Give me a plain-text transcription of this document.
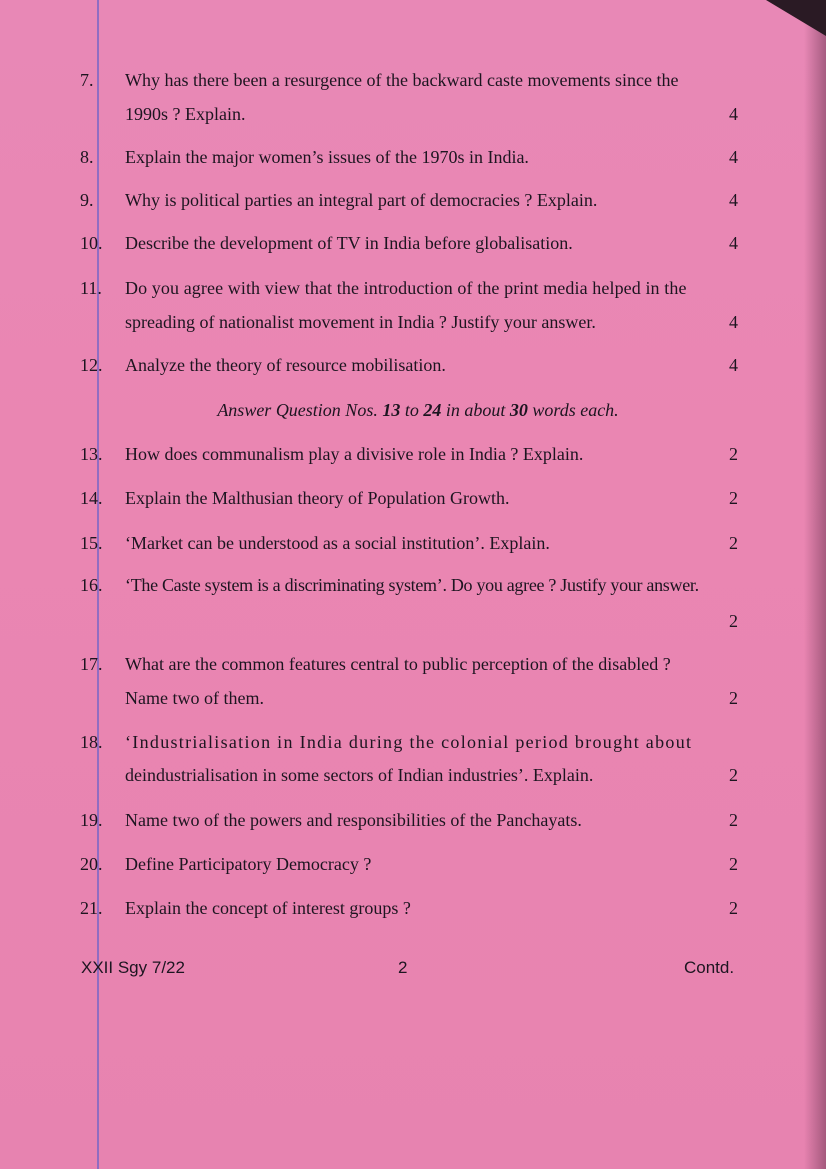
7.	Why has there been a resurgence of the backward caste movements since the
1990s ? Explain.	4
8.	Explain the major women’s issues of the 1970s in India.	4
9.	Why is political parties an integral part of democracies ? Explain.	4
10.	Describe the development of TV in India before globalisation.	4
11.	Do you agree with view that the introduction of the print media helped in the
spreading of nationalist movement in India ? Justify your answer.	4
12.	Analyze the theory of resource mobilisation.	4
Answer Question Nos. 13 to 24 in about 30 words each.
13.	How does communalism play a divisive role in India ? Explain.	2
14.	Explain the Malthusian theory of Population Growth.	2
15.	‘Market can be understood as a social institution’. Explain.	2
16.	‘The Caste system is a discriminating system’. Do you agree ? Justify your answer.
2
17.	What are the common features central to public perception of the disabled ?
Name two of them.	2
18.	‘Industrialisation in India during the colonial period brought about
deindustrialisation in some sectors of Indian industries’. Explain.	2
19.	Name two of the powers and responsibilities of the Panchayats.	2
20.	Define Participatory Democracy ?	2
21.	Explain the concept of interest groups ?	2
XXII Sgy 7/22	2	Contd.
